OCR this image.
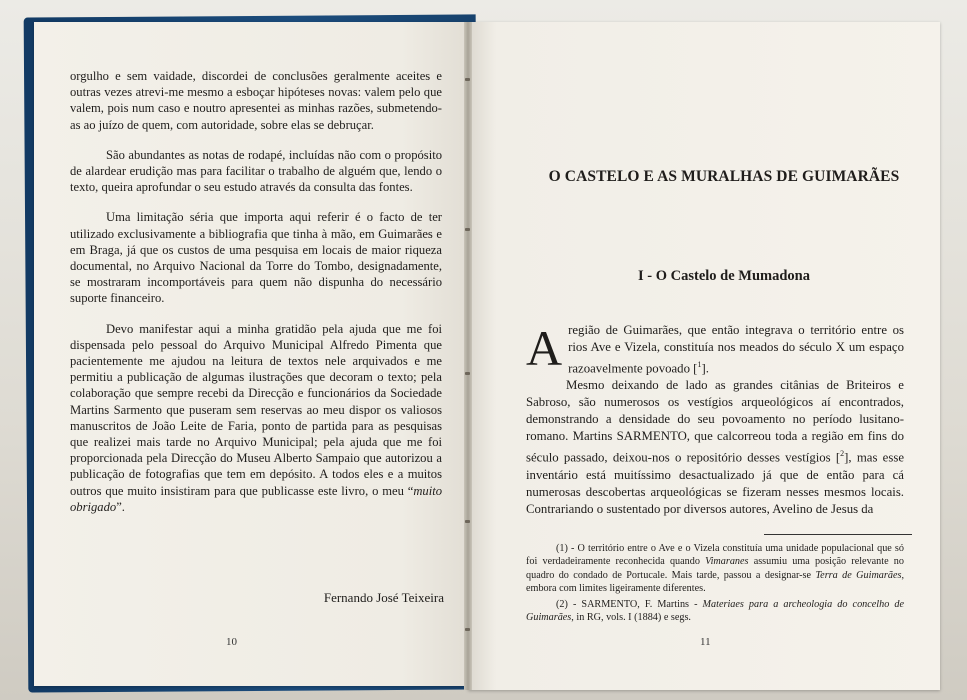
orgulho e sem vaidade, discordei de conclusões geralmente aceites e outras vezes atrevi-me mesmo a esboçar hipóteses novas: valem pelo que valem, pois num caso e noutro apresentei as minhas razões, submetendo-as ao juízo de quem, com autoridade, sobre elas se debruçar.

São abundantes as notas de rodapé, incluídas não com o propósito de alardear erudição mas para facilitar o trabalho de alguém que, lendo o texto, queira aprofundar o seu estudo através da consulta das fontes.

Uma limitação séria que importa aqui referir é o facto de ter utilizado exclusivamente a bibliografia que tinha à mão, em Guimarães e em Braga, já que os custos de uma pesquisa em locais de maior riqueza documental, no Arquivo Nacional da Torre do Tombo, designadamente, se mostraram incomportáveis para quem não dispunha do necessário suporte financeiro.

Devo manifestar aqui a minha gratidão pela ajuda que me foi dispensada pelo pessoal do Arquivo Municipal Alfredo Pimenta que pacientemente me ajudou na leitura de textos nele arquivados e me permitiu a publicação de algumas ilustrações que decoram o texto; pela colaboração que sempre recebi da Direcção e funcionários da Sociedade Martins Sarmento que puseram sem reservas ao meu dispor os valiosos manuscritos de João Leite de Faria, ponto de partida para as pesquisas que realizei mais tarde no Arquivo Municipal; pela ajuda que me foi proporcionada pela Direcção do Museu Alberto Sampaio que autorizou a publicação de fotografias que tem em depósito. A todos eles e a muitos outros que muito insistiram para que publicasse este livro, o meu “muito obrigado”.

Fernando José Teixeira
10
O CASTELO E AS MURALHAS DE GUIMARÃES
I - O Castelo de Mumadona

Aregião de Guimarães, que então integrava o território entre os rios Ave e Vizela, constituía nos meados do século X um espaço razoavelmente povoado [$^1$].

Mesmo deixando de lado as grandes citânias de Briteiros e Sabroso, são numerosos os vestígios arqueológicos aí encontrados, demonstrando a densidade do seu povoamento no período lusitano-romano. Martins SARMENTO, que calcorreou toda a região em fins do século passado, deixou-nos o repositório desses vestígios [$^2$], mas esse inventário está muitíssimo desactualizado já que de então para cá numerosas descobertas arqueológicas se fizeram nesses mesmos locais. Contrariando o sustentado por diversos autores, Avelino de Jesus da

(1) - O território entre o Ave e o Vizela constituía uma unidade populacional que só foi verdadeiramente reconhecida quando Vimaranes assumiu uma posição relevante no quadro do condado de Portucale. Mais tarde, passou a designar-se Terra de Guimarães, embora com limites ligeiramente diferentes.

(2) - SARMENTO, F. Martins - Materiaes para a archeologia do concelho de Guimarães, in RG, vols. I (1884) e segs.

11
